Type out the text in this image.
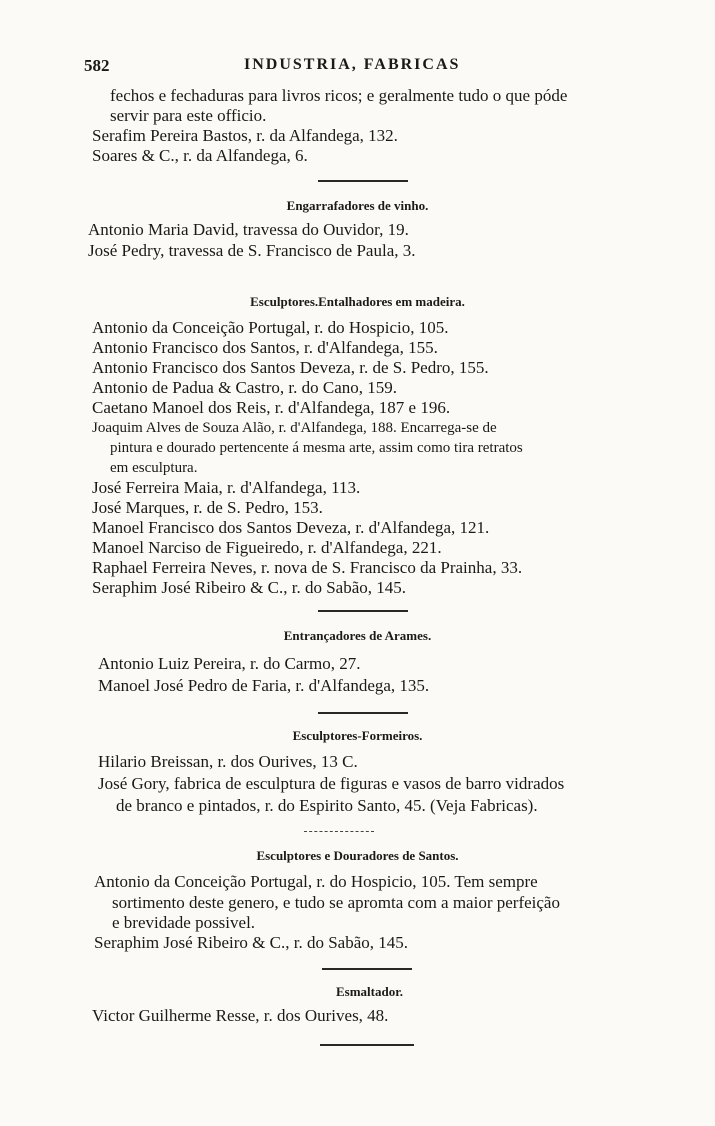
582	INDUSTRIA, FABRICAS
fechos e fechaduras para livros ricos; e geralmente tudo o que póde
servir para este officio.
Serafim Pereira Bastos, r. da Alfandega, 132.
Soares & C., r. da Alfandega, 6.
Engarrafadores de vinho.
Antonio Maria David, travessa do Ouvidor, 19.
José Pedry, travessa de S. Francisco de Paula, 3.
Esculptores.Entalhadores em madeira.
Antonio da Conceição Portugal, r. do Hospicio, 105.
Antonio Francisco dos Santos, r. d'Alfandega, 155.
Antonio Francisco dos Santos Deveza, r. de S. Pedro, 155.
Antonio de Padua & Castro, r. do Cano, 159.
Caetano Manoel dos Reis, r. d'Alfandega, 187 e 196.
Joaquim Alves de Souza Alão, r. d'Alfandega, 188. Encarrega-se de
pintura e dourado pertencente á mesma arte, assim como tira retratos
em esculptura.
José Ferreira Maia, r. d'Alfandega, 113.
José Marques, r. de S. Pedro, 153.
Manoel Francisco dos Santos Deveza, r. d'Alfandega, 121.
Manoel Narciso de Figueiredo, r. d'Alfandega, 221.
Raphael Ferreira Neves, r. nova de S. Francisco da Prainha, 33.
Seraphim José Ribeiro & C., r. do Sabão, 145.
Entrançadores de Arames.
Antonio Luiz Pereira, r. do Carmo, 27.
Manoel José Pedro de Faria, r. d'Alfandega, 135.
Esculptores-Formeiros.
Hilario Breissan, r. dos Ourives, 13 C.
José Gory, fabrica de esculptura de figuras e vasos de barro vidrados
de branco e pintados, r. do Espirito Santo, 45. (Veja Fabricas).
Esculptores e Douradores de Santos.
Antonio da Conceição Portugal, r. do Hospicio, 105. Tem sempre
sortimento deste genero, e tudo se apromta com a maior perfeição
e brevidade possivel.
Seraphim José Ribeiro & C., r. do Sabão, 145.
Esmaltador.
Victor Guilherme Resse, r. dos Ourives, 48.
